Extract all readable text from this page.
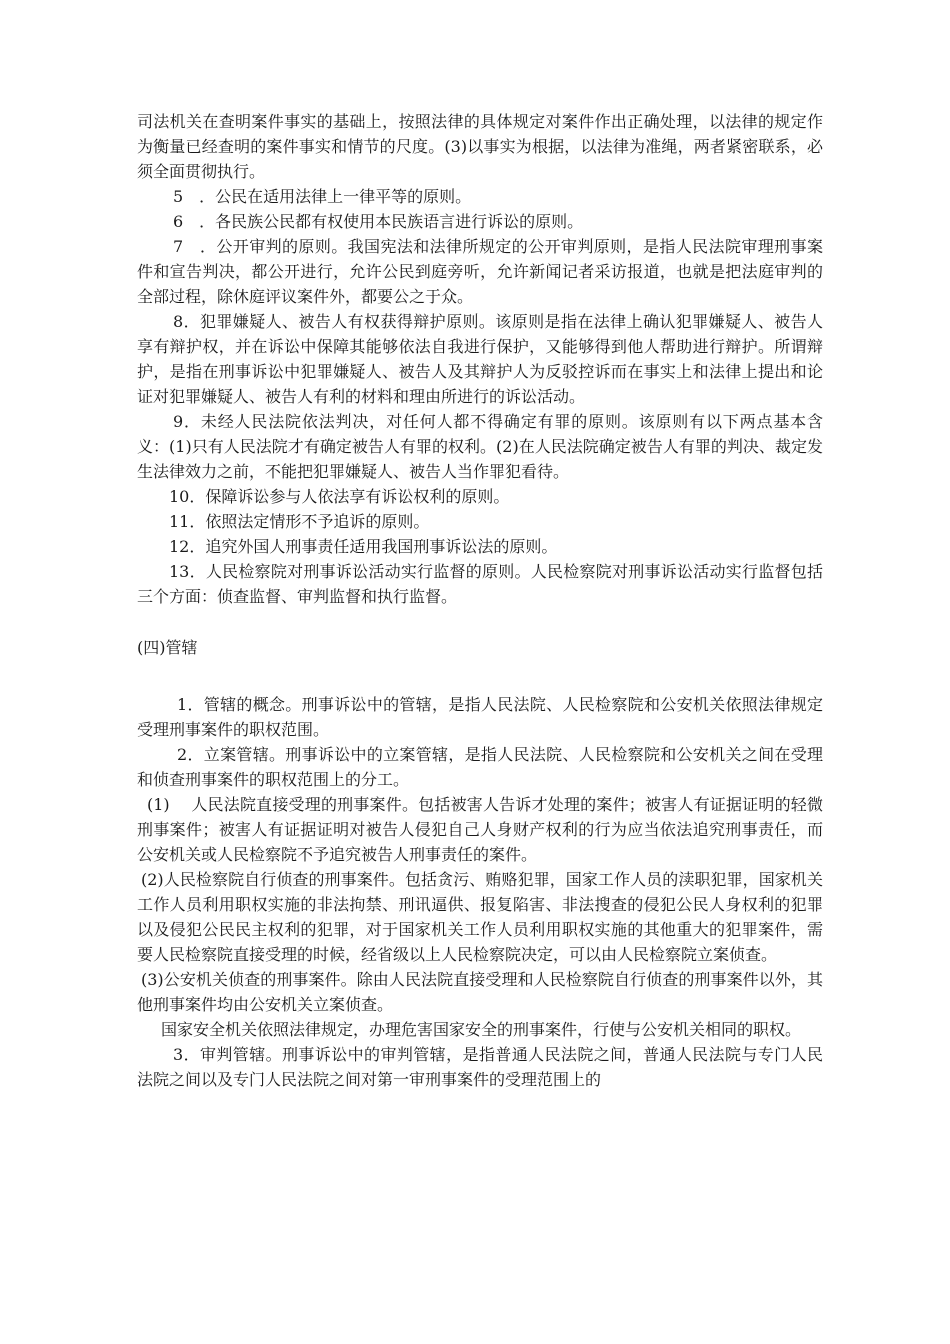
司法机关在查明案件事实的基础上，按照法律的具体规定对案件作出正确处理，以法律的规定作为衡量已经查明的案件事实和情节的尺度。(3)以事实为根据，以法律为准绳，两者紧密联系，必须全面贯彻执行。

5　．公民在适用法律上一律平等的原则。

6　．各民族公民都有权使用本民族语言进行诉讼的原则。

7　．公开审判的原则。我国宪法和法律所规定的公开审判原则，是指人民法院审理刑事案件和宣告判决，都公开进行，允许公民到庭旁听，允许新闻记者采访报道，也就是把法庭审判的全部过程，除休庭评议案件外，都要公之于众。

8．犯罪嫌疑人、被告人有权获得辩护原则。该原则是指在法律上确认犯罪嫌疑人、被告人享有辩护权，并在诉讼中保障其能够依法自我进行保护，又能够得到他人帮助进行辩护。所谓辩护，是指在刑事诉讼中犯罪嫌疑人、被告人及其辩护人为反驳控诉而在事实上和法律上提出和论证对犯罪嫌疑人、被告人有利的材料和理由所进行的诉讼活动。

9．未经人民法院依法判决，对任何人都不得确定有罪的原则。该原则有以下两点基本含义：(1)只有人民法院才有确定被告人有罪的权利。(2)在人民法院确定被告人有罪的判决、裁定发生法律效力之前，不能把犯罪嫌疑人、被告人当作罪犯看待。

10．保障诉讼参与人依法享有诉讼权利的原则。

11．依照法定情形不予追诉的原则。

12．追究外国人刑事责任适用我国刑事诉讼法的原则。

13．人民检察院对刑事诉讼活动实行监督的原则。人民检察院对刑事诉讼活动实行监督包括三个方面：侦查监督、审判监督和执行监督。

(四)管辖

1．管辖的概念。刑事诉讼中的管辖，是指人民法院、人民检察院和公安机关依照法律规定受理刑事案件的职权范围。

2．立案管辖。刑事诉讼中的立案管辖，是指人民法院、人民检察院和公安机关之间在受理和侦查刑事案件的职权范围上的分工。

(1)　 人民法院直接受理的刑事案件。包括被害人告诉才处理的案件；被害人有证据证明的轻微刑事案件；被害人有证据证明对被告人侵犯自己人身财产权利的行为应当依法追究刑事责任，而公安机关或人民检察院不予追究被告人刑事责任的案件。

(2)人民检察院自行侦查的刑事案件。包括贪污、贿赂犯罪，国家工作人员的渎职犯罪，国家机关工作人员利用职权实施的非法拘禁、刑讯逼供、报复陷害、非法搜查的侵犯公民人身权利的犯罪以及侵犯公民民主权利的犯罪，对于国家机关工作人员利用职权实施的其他重大的犯罪案件，需要人民检察院直接受理的时候，经省级以上人民检察院决定，可以由人民检察院立案侦查。

(3)公安机关侦查的刑事案件。除由人民法院直接受理和人民检察院自行侦查的刑事案件以外，其他刑事案件均由公安机关立案侦查。

国家安全机关依照法律规定，办理危害国家安全的刑事案件，行使与公安机关相同的职权。

3．审判管辖。刑事诉讼中的审判管辖，是指普通人民法院之间，普通人民法院与专门人民法院之间以及专门人民法院之间对第一审刑事案件的受理范围上的
